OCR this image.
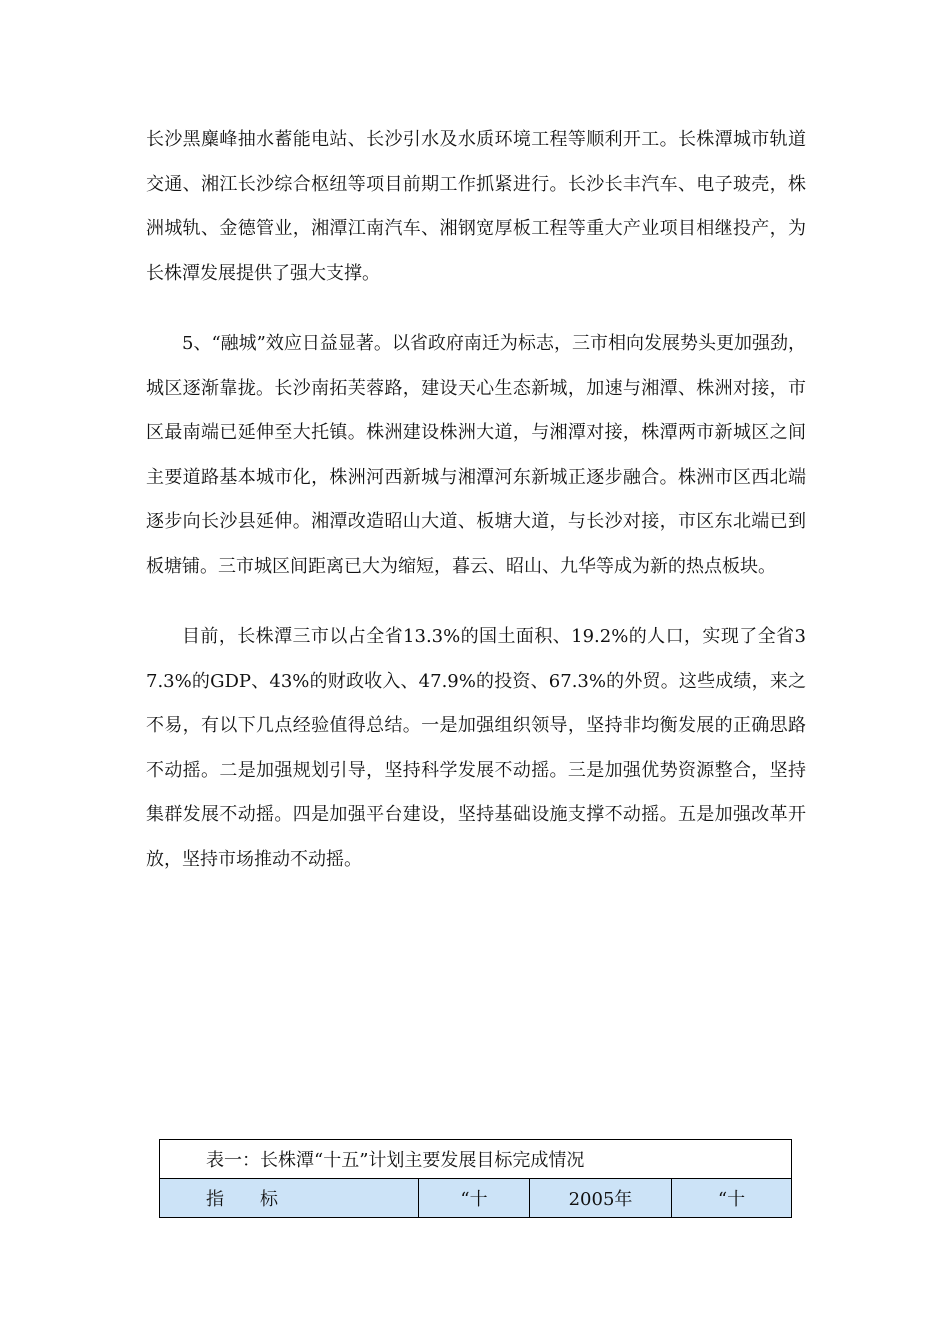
长沙黑麋峰抽水蓄能电站、长沙引水及水质环境工程等顺利开工。长株潭城市轨道交通、湘江长沙综合枢纽等项目前期工作抓紧进行。长沙长丰汽车、电子玻壳，株洲城轨、金德管业，湘潭江南汽车、湘钢宽厚板工程等重大产业项目相继投产，为长株潭发展提供了强大支撑。

5、“融城”效应日益显著。以省政府南迁为标志，三市相向发展势头更加强劲，城区逐渐靠拢。长沙南拓芙蓉路，建设天心生态新城，加速与湘潭、株洲对接，市区最南端已延伸至大托镇。株洲建设株洲大道，与湘潭对接，株潭两市新城区之间主要道路基本城市化，株洲河西新城与湘潭河东新城正逐步融合。株洲市区西北端逐步向长沙县延伸。湘潭改造昭山大道、板塘大道，与长沙对接，市区东北端已到板塘铺。三市城区间距离已大为缩短，暮云、昭山、九华等成为新的热点板块。

目前，长株潭三市以占全省13.3%的国土面积、19.2%的人口，实现了全省37.3%的GDP、43%的财政收入、47.9%的投资、67.3%的外贸。这些成绩，来之不易，有以下几点经验值得总结。一是加强组织领导，坚持非均衡发展的正确思路不动摇。二是加强规划引导，坚持科学发展不动摇。三是加强优势资源整合，坚持集群发展不动摇。四是加强平台建设，坚持基础设施支撑不动摇。五是加强改革开放，坚持市场推动不动摇。

表一：长株潭“十五”计划主要发展目标完成情况
指 标	“十	2005年	“十
